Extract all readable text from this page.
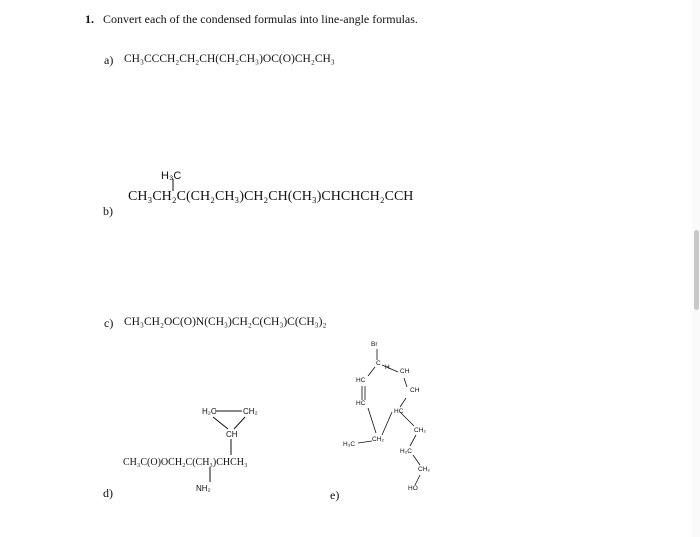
1. Convert each of the condensed formulas into line-angle formulas.
a) CH₃CCCH₂CH₂CH(CH₂CH₃)OC(O)CH₂CH₃
H₃C
CH₃CH₂C(CH₂CH₃)CH₂CH(CH₃)CHCHCH₂CCH
b)
c) CH₃CH₂OC(O)N(CH₃)CH₂C(CH₃)C(CH₃)₂
H₂C	CH₂
CH
CH₃C(O)OCH₂C(CH₃)CHCH₃
NH₂
d)
Br
C
H
HC
CH
CH
HC
HC
CH₂
H₃C
CH₂
H₂C
CH₂
HO
e)
